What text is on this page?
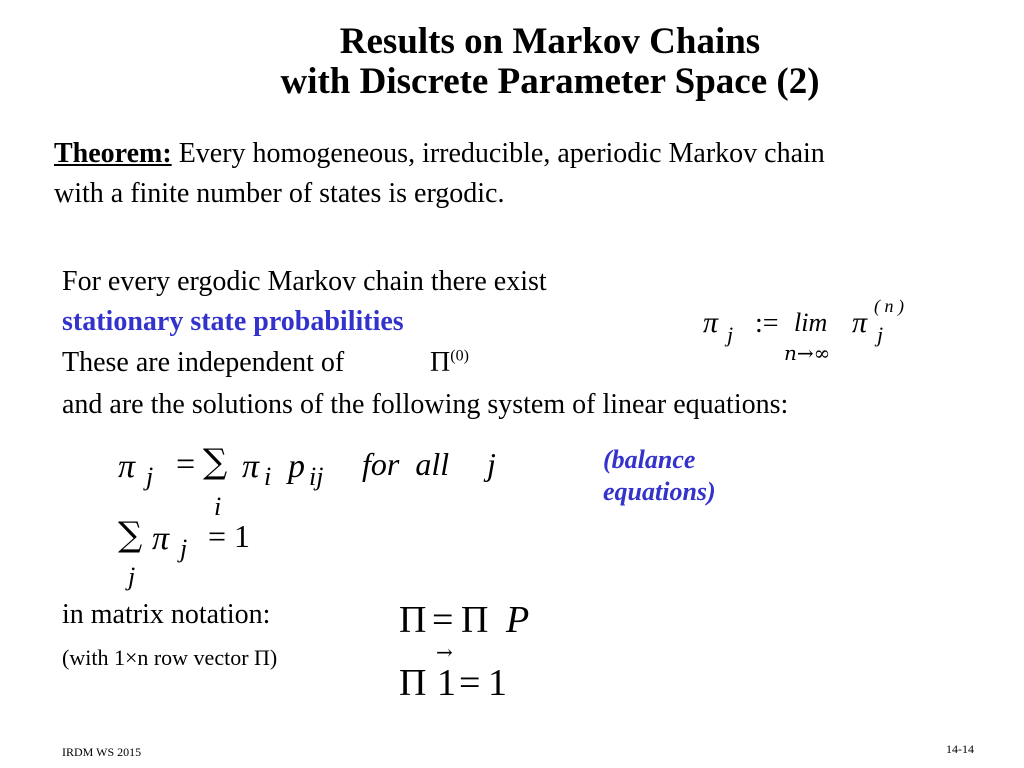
Results on Markov Chains
with Discrete Parameter Space (2)
Theorem: Every homogeneous, irreducible, aperiodic Markov chain
with a finite number of states is ergodic.
For every ergodic Markov chain there exist
stationary state probabilities
These are independent of	$\Pi^{(0)}$
and are the solutions of the following system of linear equations:
π j := lim
n→∞
π ( n )
j
π j = ∑
i
π i p ij for  all j	(balance
equations)
∑
j
π j = 1
in matrix notation:
(with 1×n row vector Π)
Π = Π P
Π
→
1 = 1
IRDM WS 2015	14-14
